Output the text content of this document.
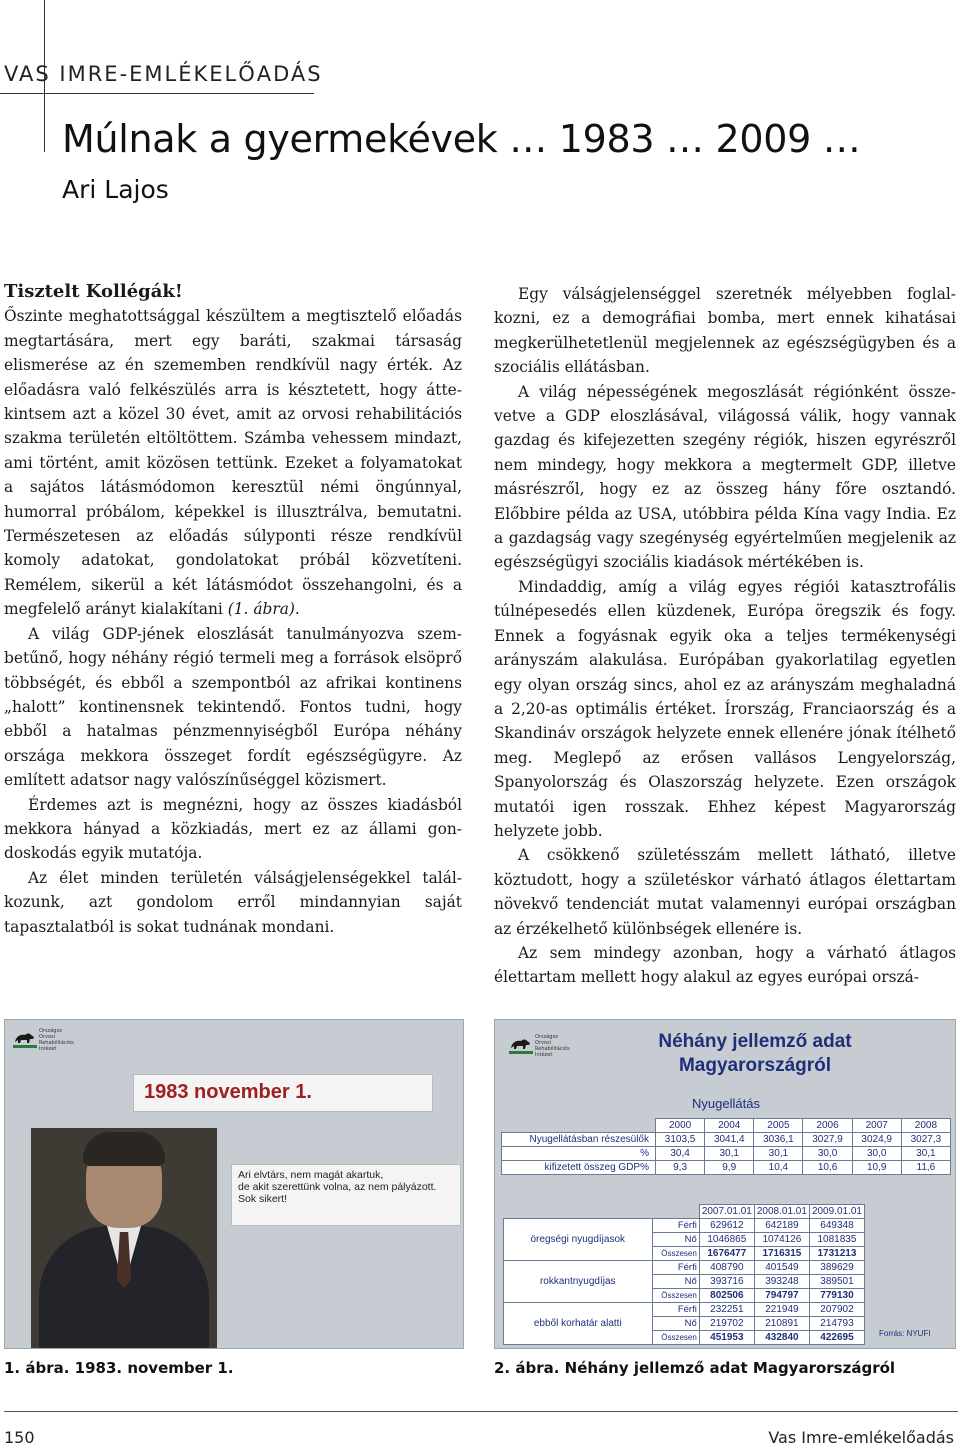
VAS IMRE-EMLÉKELŐADÁS
Múlnak a gyermekévek … 1983 … 2009 …
Ari Lajos

Tisztelt Kollégák!

Őszinte meghatottsággal készültem a megtisztelő előadás megtartására, mert egy baráti, szakmai társaság elismerése az én szememben rendkívül nagy érték. Az előadásra való felkészülés arra is késztetett, hogy áttekintsem azt a közel 30 évet, amit az orvosi rehabilitációs szakma területén eltöltöttem. Számba vehessem mindazt, ami történt, amit közösen tettünk. Ezeket a folyamatokat a sajátos látásmódomon keresztül némi öngúnnyal, humorral próbálom, képekkel is illusztrálva, bemutatni. Természetesen az előadás súlyponti része rendkívül komoly adatokat, gondolatokat próbál közvetíteni. Remélem, sikerül a két látásmódot összehangolni, és a megfelelő arányt kialakítani (1. ábra).

A világ GDP-jének eloszlását tanulmányozva szembetűnő, hogy néhány régió termeli meg a források elsöprő többségét, és ebből a szempontból az afrikai kontinens „halott” kontinensnek tekintendő. Fontos tudni, hogy ebből a hatalmas pénzmennyiségből Európa néhány országa mekkora összeget fordít egészségügyre. Az említett adatsor nagy valószínűséggel közismert.

Érdemes azt is megnézni, hogy az összes kiadásból mekkora hányad a közkiadás, mert ez az állami gondoskodás egyik mutatója.

Az élet minden területén válságjelenségekkel találkozunk, azt gondolom erről mindannyian saját tapasztalatból is sokat tudnának mondani.

Egy válságjelenséggel szeretnék mélyebben foglalkozni, ez a demográfiai bomba, mert ennek kihatásai megkerülhetetlenül megjelennek az egészségügyben és a szociális ellátásban.

A világ népességének megoszlását régiónként összevetve a GDP eloszlásával, világossá válik, hogy vannak gazdag és kifejezetten szegény régiók, hiszen egyrészről nem mindegy, hogy mekkora a megtermelt GDP, illetve másrészről, hogy ez az összeg hány főre osztandó. Előbbire példa az USA, utóbbira példa Kína vagy India. Ez a gazdagság vagy szegénység egyértelműen megjelenik az egészségügyi szociális kiadások mértékében is.

Mindaddig, amíg a világ egyes régiói katasztrofális túlnépesedés ellen küzdenek, Európa öregszik és fogy. Ennek a fogyásnak egyik oka a teljes termékenységi arányszám alakulása. Európában gyakorlatilag egyetlen egy olyan ország sincs, ahol ez az arányszám meghaladná a 2,20-as optimális értéket. Írország, Franciaország és a Skandináv országok helyzete ennek ellenére jónak ítélhető meg. Meglepő az erősen vallásos Lengyelország, Spanyolország és Olaszország helyzete. Ezen országok mutatói igen rosszak. Ehhez képest Magyarország helyzete jobb.

A csökkenő születésszám mellett látható, illetve köztudott, hogy a születéskor várható átlagos élettartam növekvő tendenciát mutat valamennyi európai országban az érzékelhető különbségek ellenére is.

Az sem mindegy azonban, hogy a várható átlagos élettartam mellett hogy alakul az egyes európai orszá-

Országos
Orvosi
Rehabilitációs
Intézet
1983 november 1.
Ari elvtárs, nem magát akartuk,
de akit szerettünk volna, az nem pályázott.
Sok sikert!
Országos
Orvosi
Rehabilitációs
Intézet
Néhány jellemző adat
Magyarországról
Nyugellátás
	2000	2004	2005	2006	2007	2008
Nyugellátásban részesülők	3103,5	3041,4	3036,1	3027,9	3024,9	3027,3
%	30,4	30,1	30,1	30,0	30,0	30,1
kifizetett összeg GDP%	9,3	9,9	10,4	10,6	10,9	11,6
		2007.01.01	2008.01.01	2009.01.01
öregségi nyugdíjasok	Férfi	629612	642189	649348
	Nő	1046865	1074126	1081835
	Összesen	1676477	1716315	1731213
rokkantnyugdíjas	Férfi	408790	401549	389629
	Nő	393716	393248	389501
	Összesen	802506	794797	779130
ebből korhatár alatti	Férfi	232251	221949	207902
	Nő	219702	210891	214793
	Összesen	451953	432840	422695	Forrás: NYUFI
1. ábra. 1983. november 1.	2. ábra. Néhány jellemző adat Magyarországról
150	Vas Imre-emlékelőadás
